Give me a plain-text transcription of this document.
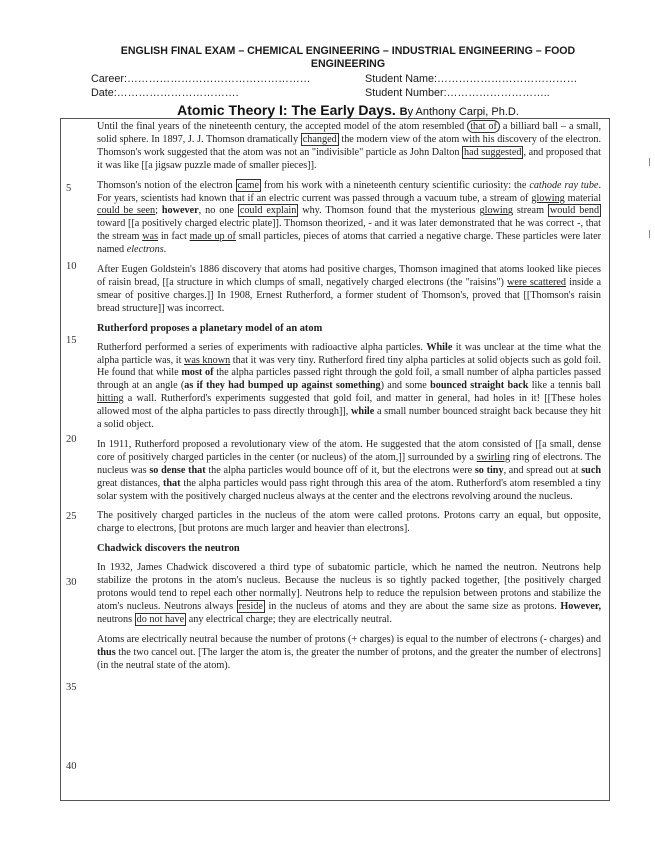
ENGLISH FINAL EXAM – CHEMICAL ENGINEERING – INDUSTRIAL ENGINEERING – FOOD
ENGINEERING
Career:……………………………………………	Student Name:…………………………………
Date:…………………………….	Student Number:………………………..
Atomic Theory I: The Early Days. By Anthony Carpi, Ph.D.
5
10
15
20
25
30
35
40

Until the final years of the nineteenth century, the accepted model of the atom resembled that of a billiard ball – a small, solid sphere. In 1897, J. J. Thomson dramatically changed the modern view of the atom with his discovery of the electron. Thomson's work suggested that the atom was not an "indivisible" particle as John Dalton had suggested , and proposed that it was like [[a jigsaw puzzle made of smaller pieces]].

Thomson's notion of the electron came from his work with a nineteenth century scientific curiosity: the cathode ray tube. For years, scientists had known that if an electric current was passed through a vacuum tube, a stream of glowing material could be seen; however, no one could explain why. Thomson found that the mysterious glowing stream would bend toward [[a positively charged electric plate]]. Thomson theorized, - and it was later demonstrated that he was correct -, that the stream was in fact made up of small particles, pieces of atoms that carried a negative charge. These particles were later named electrons.

After Eugen Goldstein's 1886 discovery that atoms had positive charges, Thomson imagined that atoms looked like pieces of raisin bread, [[a structure in which clumps of small, negatively charged electrons (the "raisins") were scattered inside a smear of positive charges.]] In 1908, Ernest Rutherford, a former student of Thomson's, proved that [[Thomson's raisin bread structure]] was incorrect.

Rutherford proposes a planetary model of an atom

Rutherford performed a series of experiments with radioactive alpha particles. While it was unclear at the time what the alpha particle was, it was known that it was very tiny. Rutherford fired tiny alpha particles at solid objects such as gold foil. He found that while most of the alpha particles passed right through the gold foil, a small number of alpha particles passed through at an angle (as if they had bumped up against something) and some bounced straight back like a tennis ball hitting a wall. Rutherford's experiments suggested that gold foil, and matter in general, had holes in it! [[These holes allowed most of the alpha particles to pass directly through]], while a small number bounced straight back because they hit a solid object.

In 1911, Rutherford proposed a revolutionary view of the atom. He suggested that the atom consisted of [[a small, dense core of positively charged particles in the center (or nucleus) of the atom,]] surrounded by a swirling ring of electrons. The nucleus was so dense that the alpha particles would bounce off of it, but the electrons were so tiny, and spread out at such great distances, that the alpha particles would pass right through this area of the atom. Rutherford's atom resembled a tiny solar system with the positively charged nucleus always at the center and the electrons revolving around the nucleus.

The positively charged particles in the nucleus of the atom were called protons. Protons carry an equal, but opposite, charge to electrons, [but protons are much larger and heavier than electrons].

Chadwick discovers the neutron

In 1932, James Chadwick discovered a third type of subatomic particle, which he named the neutron. Neutrons help stabilize the protons in the atom's nucleus. Because the nucleus is so tightly packed together, [the positively charged protons would tend to repel each other normally]. Neutrons help to reduce the repulsion between protons and stabilize the atom's nucleus. Neutrons always reside in the nucleus of atoms and they are about the same size as protons. However, neutrons do not have any electrical charge; they are electrically neutral.

Atoms are electrically neutral because the number of protons (+ charges) is equal to the number of electrons (- charges) and thus the two cancel out. [The larger the atom is, the greater the number of protons, and the greater the number of electrons] (in the neutral state of the atom).
